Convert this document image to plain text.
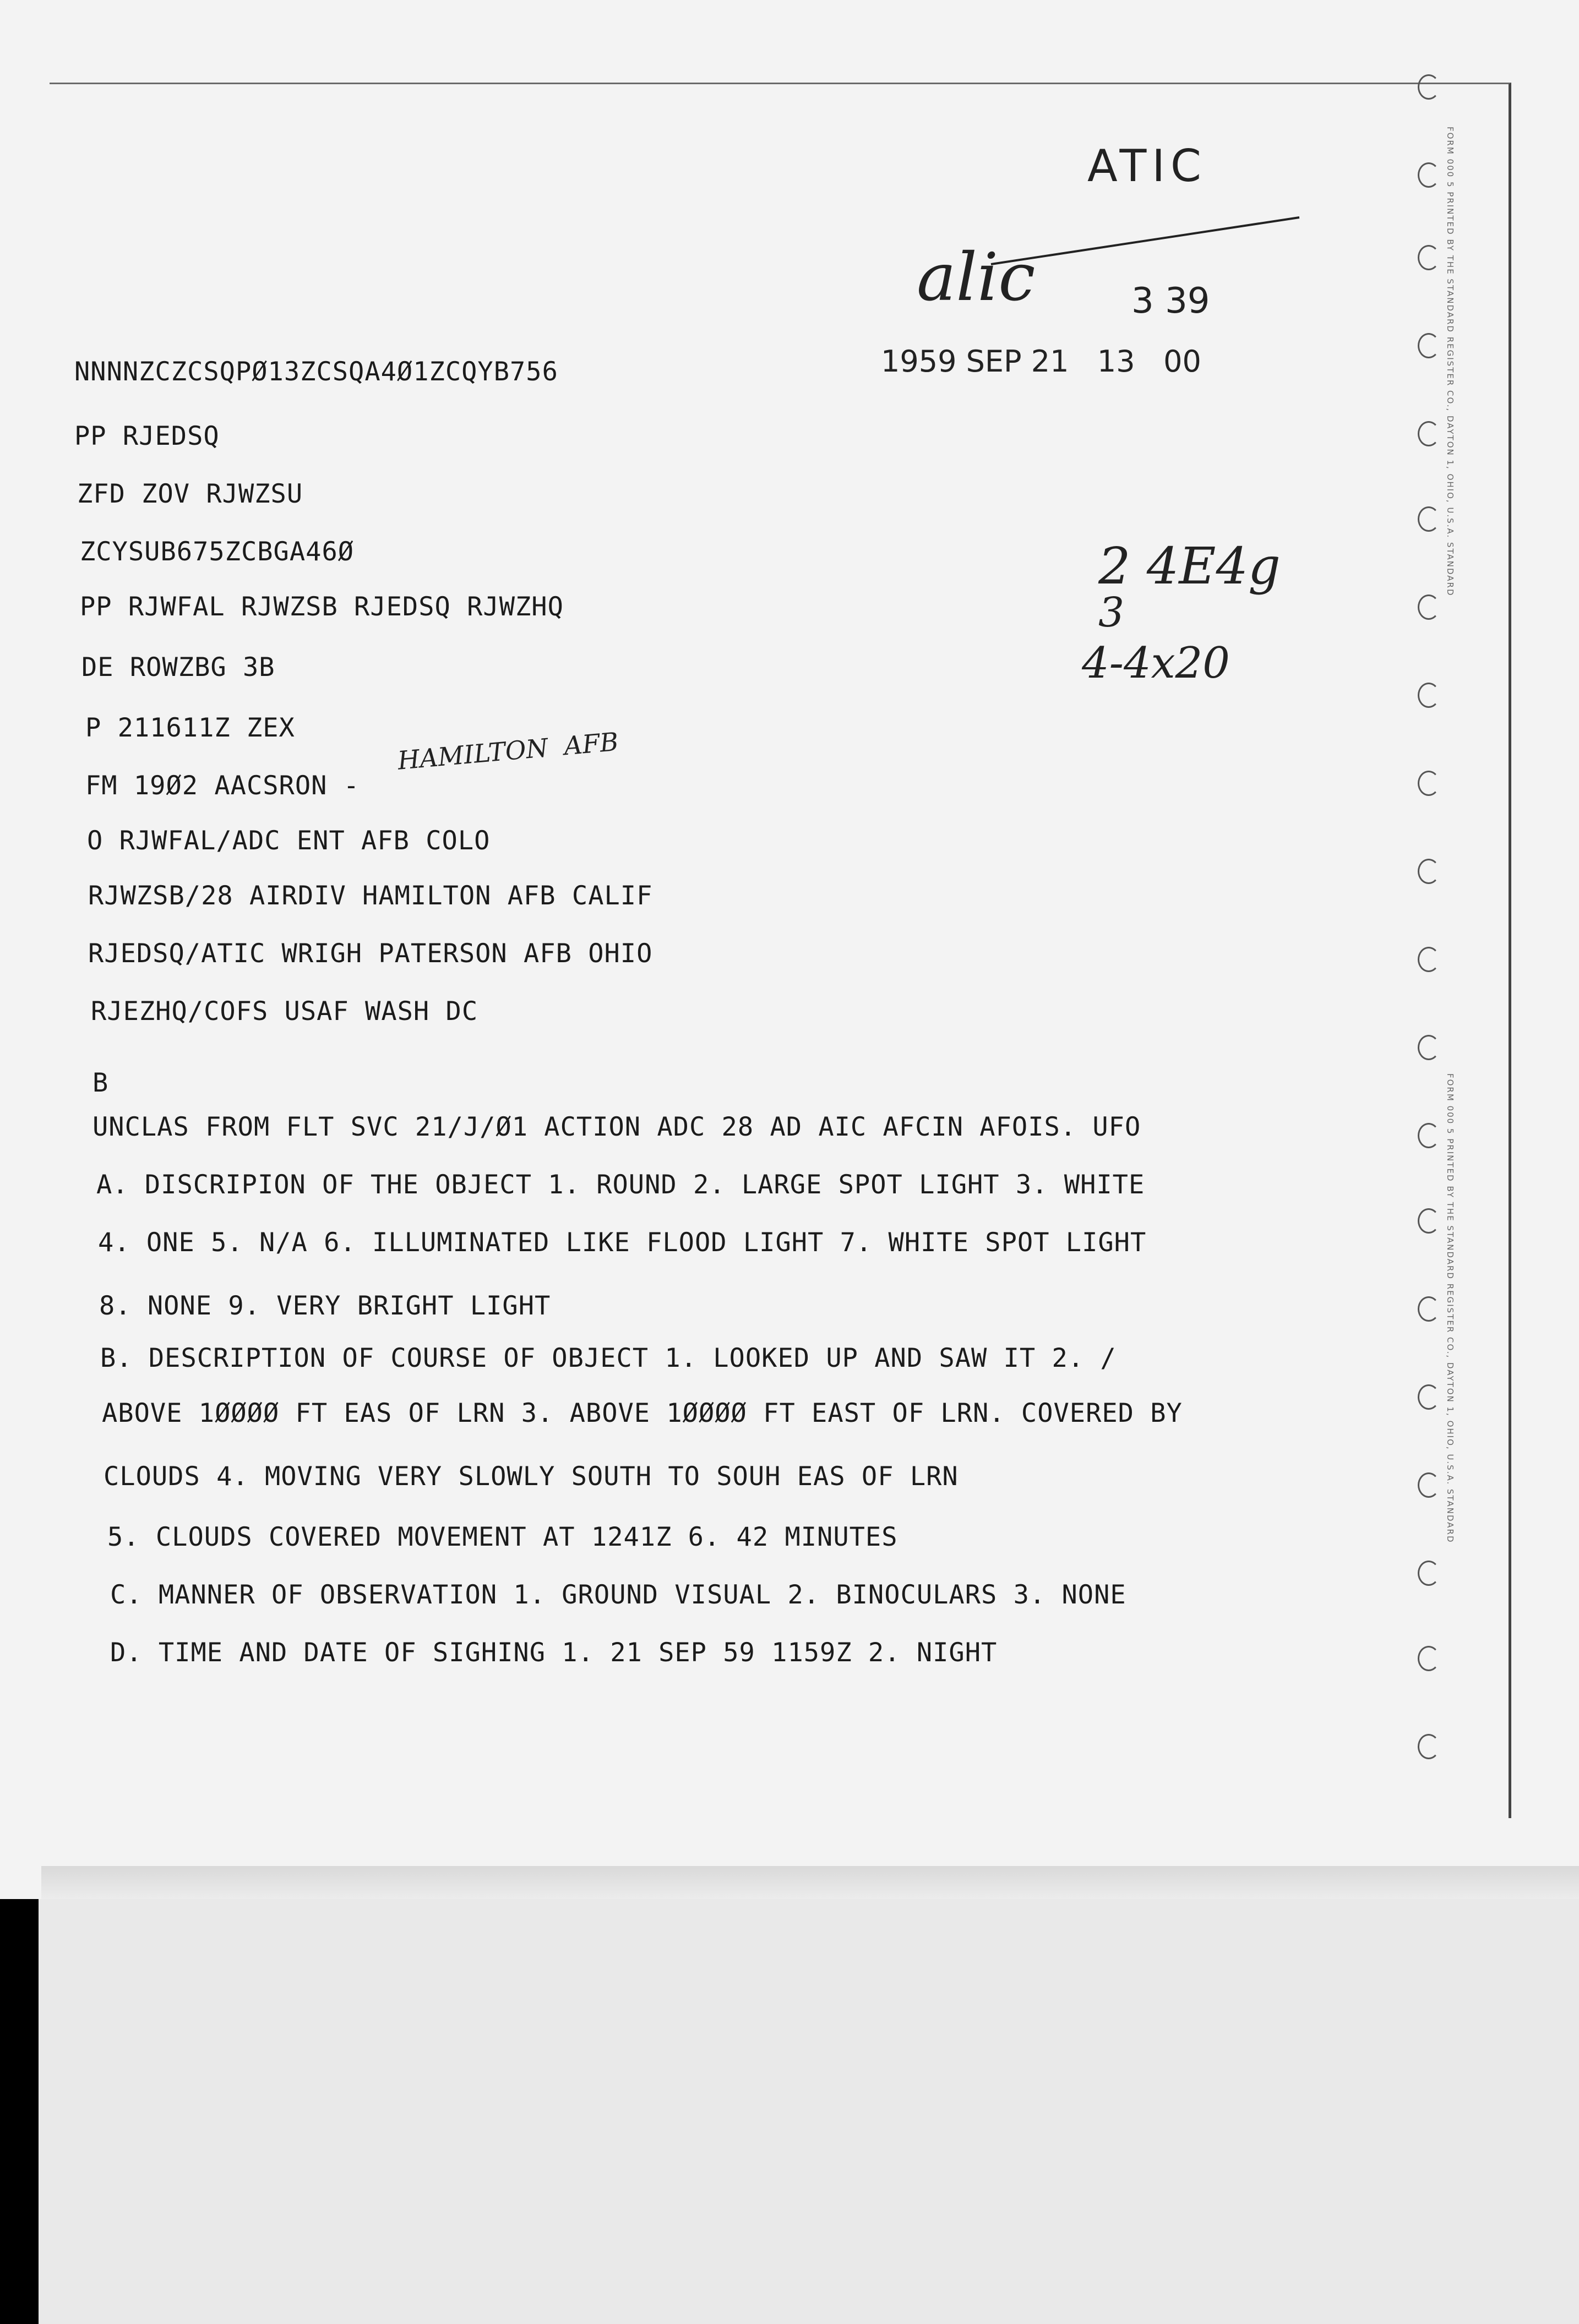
FORM 000 5 PRINTED BY THE STANDARD REGISTER CO., DAYTON 1, OHIO, U.S.A. STANDARD
FORM 000 5 PRINTED BY THE STANDARD REGISTER CO., DAYTON 1, OHIO, U.S.A. STANDARD
ATIC
alic	3 39
1959 SEP 21   13   00
2 4E4g
3
4-4x20
HAMILTON  AFB
NNNNZCZCSQPØ13ZCSQA4Ø1ZCQYB756
PP RJEDSQ
ZFD ZOV RJWZSU
ZCYSUB675ZCBGA46Ø
PP RJWFAL RJWZSB RJEDSQ RJWZHQ
DE ROWZBG 3B
P 211611Z ZEX
FM 19Ø2 AACSRON -
O RJWFAL/ADC ENT AFB COLO
RJWZSB/28 AIRDIV HAMILTON AFB CALIF
RJEDSQ/ATIC WRIGH PATERSON AFB OHIO
RJEZHQ/COFS USAF WASH DC
B
UNCLAS FROM FLT SVC 21/J/Ø1 ACTION ADC 28 AD AIC AFCIN AFOIS. UFO
A. DISCRIPION OF THE OBJECT 1. ROUND 2. LARGE SPOT LIGHT 3. WHITE
4. ONE 5. N/A 6. ILLUMINATED LIKE FLOOD LIGHT 7. WHITE SPOT LIGHT
8. NONE 9. VERY BRIGHT LIGHT
B. DESCRIPTION OF COURSE OF OBJECT 1. LOOKED UP AND SAW IT 2. /
ABOVE 1ØØØØ FT EAS OF LRN 3. ABOVE 1ØØØØ FT EAST OF LRN. COVERED BY
CLOUDS 4. MOVING VERY SLOWLY SOUTH TO SOUH EAS OF LRN
5. CLOUDS COVERED MOVEMENT AT 1241Z 6. 42 MINUTES
C. MANNER OF OBSERVATION 1. GROUND VISUAL 2. BINOCULARS 3. NONE
D. TIME AND DATE OF SIGHING 1. 21 SEP 59 1159Z 2. NIGHT
